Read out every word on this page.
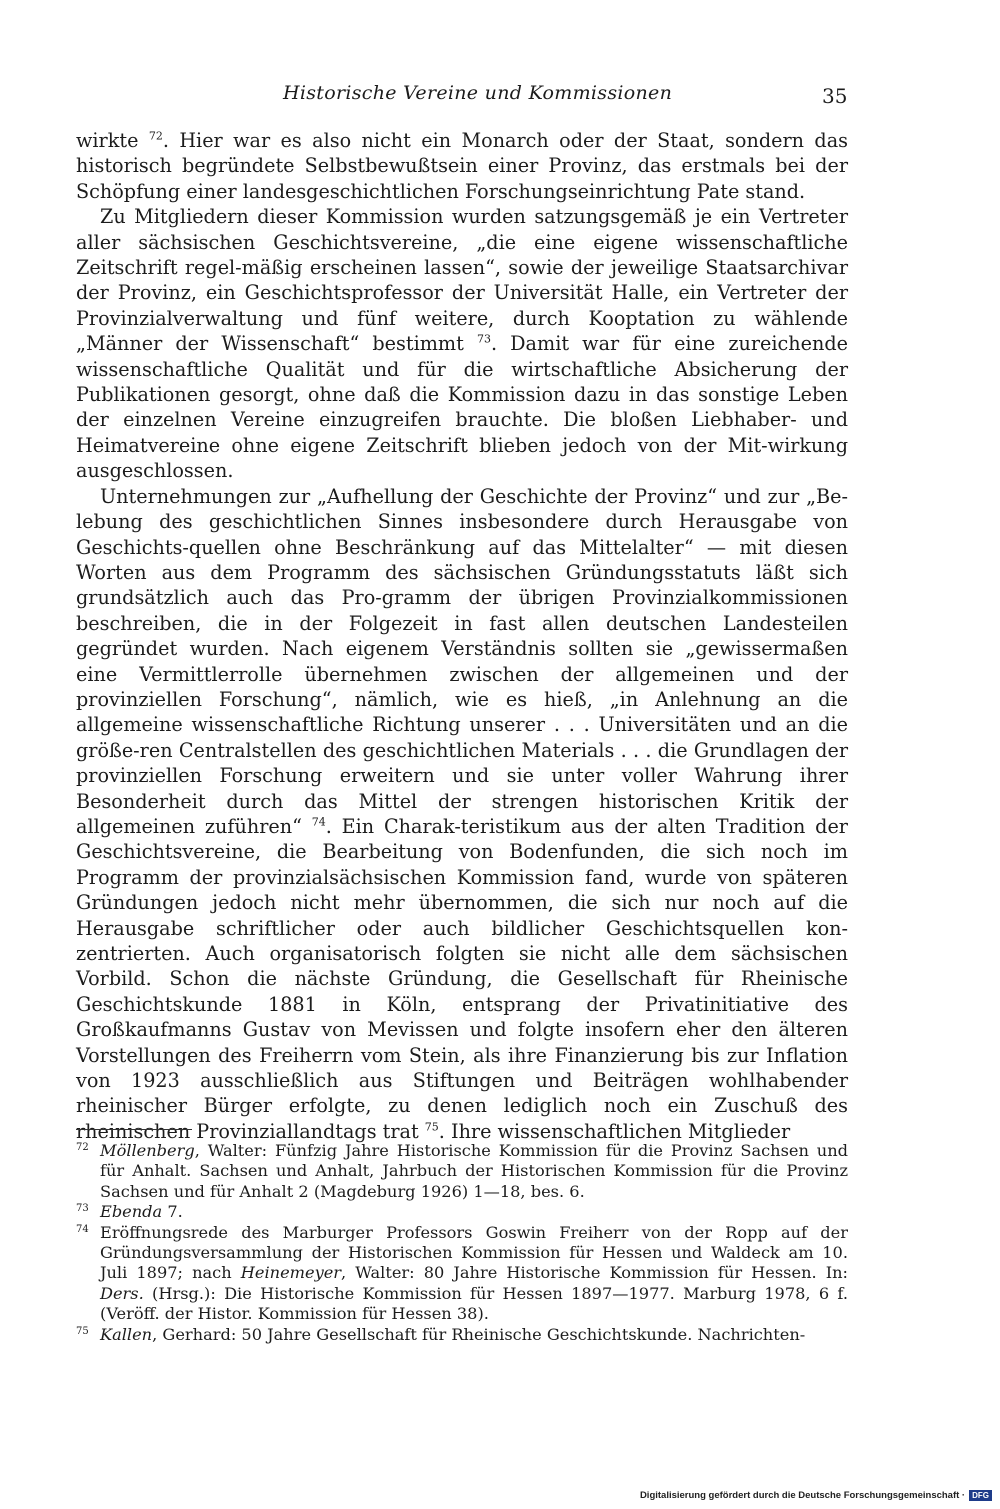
Historische Vereine und Kommissionen	35

wirkte $^{72}$. Hier war es also nicht ein Monarch oder der Staat, sondern das historisch begründete Selbstbewußtsein einer Provinz, das erstmals bei der Schöpfung einer landesgeschichtlichen Forschungseinrichtung Pate stand.

Zu Mitgliedern dieser Kommission wurden satzungsgemäß je ein Vertreter aller sächsischen Geschichtsvereine, „die eine eigene wissenschaftliche Zeitschrift regel-mäßig erscheinen lassen“, sowie der jeweilige Staatsarchivar der Provinz, ein Geschichtsprofessor der Universität Halle, ein Vertreter der Provinzialverwaltung und fünf weitere, durch Kooptation zu wählende „Männer der Wissenschaft“ bestimmt $^{73}$. Damit war für eine zureichende wissenschaftliche Qualität und für die wirtschaftliche Absicherung der Publikationen gesorgt, ohne daß die Kommission dazu in das sonstige Leben der einzelnen Vereine einzugreifen brauchte. Die bloßen Liebhaber- und Heimatvereine ohne eigene Zeitschrift blieben jedoch von der Mit-wirkung ausgeschlossen.

Unternehmungen zur „Aufhellung der Geschichte der Provinz“ und zur „Be-lebung des geschichtlichen Sinnes insbesondere durch Herausgabe von Geschichts-quellen ohne Beschränkung auf das Mittelalter“ — mit diesen Worten aus dem Programm des sächsischen Gründungsstatuts läßt sich grundsätzlich auch das Pro-gramm der übrigen Provinzialkommissionen beschreiben, die in der Folgezeit in fast allen deutschen Landesteilen gegründet wurden. Nach eigenem Verständnis sollten sie „gewissermaßen eine Vermittlerrolle übernehmen zwischen der allgemeinen und der provinziellen Forschung“, nämlich, wie es hieß, „in Anlehnung an die allgemeine wissenschaftliche Richtung unserer . . . Universitäten und an die größe-ren Centralstellen des geschichtlichen Materials . . . die Grundlagen der provinziellen Forschung erweitern und sie unter voller Wahrung ihrer Besonderheit durch das Mittel der strengen historischen Kritik der allgemeinen zuführen“ $^{74}$. Ein Charak-teristikum aus der alten Tradition der Geschichtsvereine, die Bearbeitung von Bodenfunden, die sich noch im Programm der provinzialsächsischen Kommission fand, wurde von späteren Gründungen jedoch nicht mehr übernommen, die sich nur noch auf die Herausgabe schriftlicher oder auch bildlicher Geschichtsquellen kon-zentrierten. Auch organisatorisch folgten sie nicht alle dem sächsischen Vorbild. Schon die nächste Gründung, die Gesellschaft für Rheinische Geschichtskunde 1881 in Köln, entsprang der Privatinitiative des Großkaufmanns Gustav von Mevissen und folgte insofern eher den älteren Vorstellungen des Freiherrn vom Stein, als ihre Finanzierung bis zur Inflation von 1923 ausschließlich aus Stiftungen und Beiträgen wohlhabender rheinischer Bürger erfolgte, zu denen lediglich noch ein Zuschuß des rheinischen Provinziallandtags trat $^{75}$. Ihre wissenschaftlichen Mitglieder

72 Möllenberg, Walter: Fünfzig Jahre Historische Kommission für die Provinz Sachsen und für Anhalt. Sachsen und Anhalt, Jahrbuch der Historischen Kommission für die Provinz Sachsen und für Anhalt 2 (Magdeburg 1926) 1—18, bes. 6.
73 Ebenda 7.
74 Eröffnungsrede des Marburger Professors Goswin Freiherr von der Ropp auf der Gründungsversammlung der Historischen Kommission für Hessen und Waldeck am 10. Juli 1897; nach Heinemeyer, Walter: 80 Jahre Historische Kommission für Hessen. In: Ders. (Hrsg.): Die Historische Kommission für Hessen 1897—1977. Marburg 1978, 6 f. (Veröff. der Histor. Kommission für Hessen 38).
75 Kallen, Gerhard: 50 Jahre Gesellschaft für Rheinische Geschichtskunde. Nachrichten-
Digitalisierung gefördert durch die Deutsche Forschungsgemeinschaft · DFG
